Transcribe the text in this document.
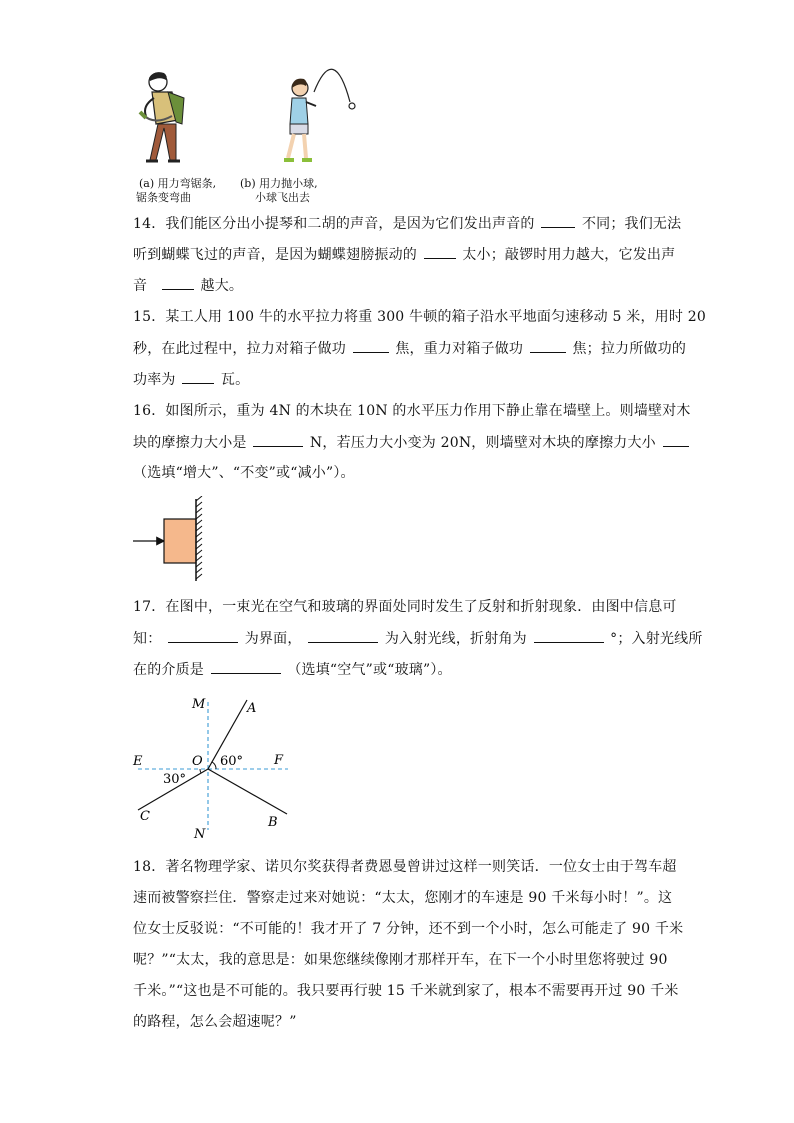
(a) 用力弯锯条,
锯条变弯曲
(b) 用力抛小球,
小球飞出去
14．我们能区分出小提琴和二胡的声音，是因为它们发出声音的	不同；我们无法
听到蝴蝶飞过的声音，是因为蝴蝶翅膀振动的	太小；敲锣时用力越大，它发出声
音	越大。
15．某工人用 100 牛的水平拉力将重 300 牛顿的箱子沿水平地面匀速移动 5 米，用时 20
秒，在此过程中，拉力对箱子做功	焦，重力对箱子做功	焦；拉力所做功的
功率为	瓦。
16．如图所示，重为 4N 的木块在 10N 的水平压力作用下静止靠在墙壁上。则墙壁对木
块的摩擦力大小是	N，若压力大小变为 20N，则墙壁对木块的摩擦力大小
（选填“增大”、“不变”或“减小”）。
17．在图中，一束光在空气和玻璃的界面处同时发生了反射和折射现象．由图中信息可
知：	为界面，	为入射光线，折射角为	°；入射光线所
在的介质是	（选填“空气”或“玻璃”）。
M	A
E	O	F
C
N
B
60°
30°
18．著名物理学家、诺贝尔奖获得者费恩曼曾讲过这样一则笑话．一位女士由于驾车超
速而被警察拦住．警察走过来对她说：“太太，您刚才的车速是 90 千米每小时！”。这
位女士反驳说：“不可能的！我才开了 7 分钟，还不到一个小时，怎么可能走了 90 千米
呢？”“太太，我的意思是：如果您继续像刚才那样开车，在下一个小时里您将驶过 90
千米。”“这也是不可能的。我只要再行驶 15 千米就到家了，根本不需要再开过 90 千米
的路程，怎么会超速呢？”
